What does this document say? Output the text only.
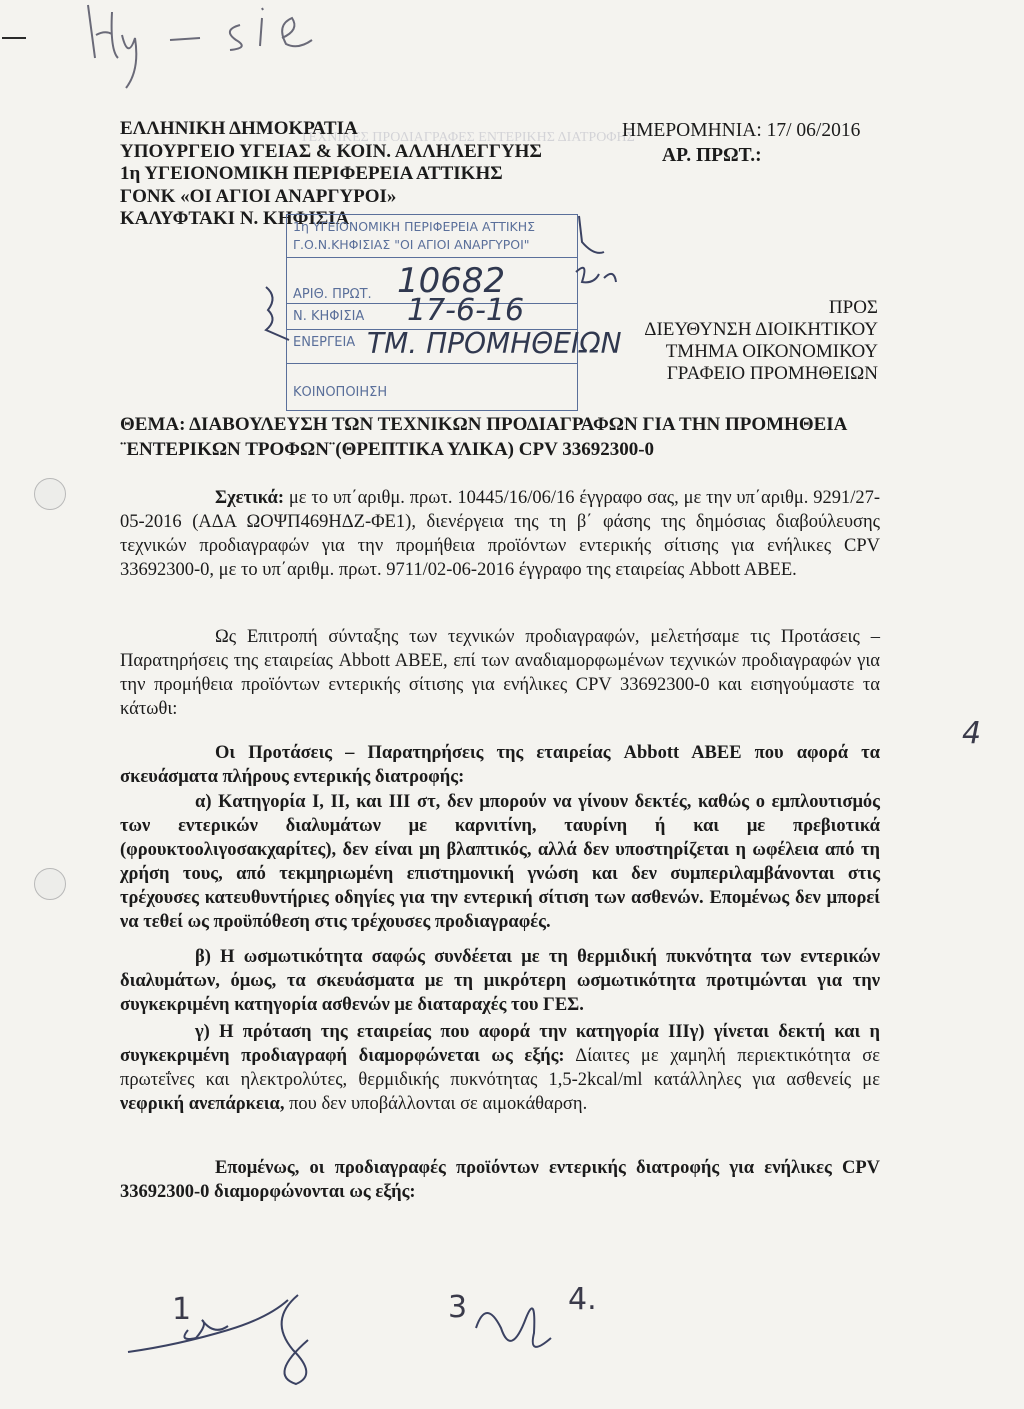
ΤΕΧΝΙΚΕΣ ΠΡΟΔΙΑΓΡΑΦΕΣ ΕΝΤΕΡΙΚΗΣ ΔΙΑΤΡΟΦΗΣ
ΕΛΛΗΝΙΚΗ ΔΗΜΟΚΡΑΤΙΑ
ΥΠΟΥΡΓΕΙΟ ΥΓΕΙΑΣ & ΚΟΙΝ. ΑΛΛΗΛΕΓΓΥΗΣ
1η ΥΓΕΙΟΝΟΜΙΚΗ ΠΕΡΙΦΕΡΕΙΑ ΑΤΤΙΚΗΣ
ΓΟΝΚ «ΟΙ ΑΓΙΟΙ ΑΝΑΡΓΥΡΟΙ»
ΚΑΛΥΦΤΑΚΙ Ν. ΚΗΦΙΣΙΑ
ΗΜΕΡΟΜΗΝΙΑ: 17/ 06/2016
ΑΡ. ΠΡΩΤ.:
1η ΥΓΕΙΟΝΟΜΙΚΗ ΠΕΡΙΦΕΡΕΙΑ ΑΤΤΙΚΗΣ
Γ.Ο.Ν.ΚΗΦΙΣΙΑΣ "ΟΙ ΑΓΙΟΙ ΑΝΑΡΓΥΡΟΙ"
ΑΡΙΘ. ΠΡΩΤ. 10682
Ν. ΚΗΦΙΣΙΑ 17-6-16
ΕΝΕΡΓΕΙΑ ΤΜ. ΠΡΟΜΗΘΕΙΩΝ
ΚΟΙΝΟΠΟΙΗΣΗ
ΠΡΟΣ
ΔΙΕΥΘΥΝΣΗ ΔΙΟΙΚΗΤΙΚΟΥ
ΤΜΗΜΑ ΟΙΚΟΝΟΜΙΚΟΥ
ΓΡΑΦΕΙΟ ΠΡΟΜΗΘΕΙΩΝ
ΘΕΜΑ: ΔΙΑΒΟΥΛΕΥΣΗ ΤΩΝ ΤΕΧΝΙΚΩΝ ΠΡΟΔΙΑΓΡΑΦΩΝ ΓΙΑ ΤΗΝ ΠΡΟΜΗΘΕΙΑ ¨ΕΝΤΕΡΙΚΩΝ ΤΡΟΦΩΝ¨(ΘΡΕΠΤΙΚΑ ΥΛΙΚΑ) CPV 33692300-0
Σχετικά: με το υπ΄αριθμ. πρωτ. 10445/16/06/16 έγγραφο σας, με την υπ΄αριθμ. 9291/27-05-2016 (ΑΔΑ ΩΟΨΠ469ΗΔΖ-ΦΕ1), διενέργεια της τη β΄ φάσης της δημόσιας διαβούλευσης τεχνικών προδιαγραφών για την προμήθεια προϊόντων εντερικής σίτισης για ενήλικες CPV 33692300-0, με το υπ΄αριθμ. πρωτ. 9711/02-06-2016 έγγραφο της εταιρείας Abbott ABEE.
Ως Επιτροπή σύνταξης των τεχνικών προδιαγραφών, μελετήσαμε τις Προτάσεις – Παρατηρήσεις της εταιρείας Abbott ABEE, επί των αναδιαμορφωμένων τεχνικών προδιαγραφών για την προμήθεια προϊόντων εντερικής σίτισης για ενήλικες CPV 33692300-0 και εισηγούμαστε τα κάτωθι:
Οι Προτάσεις – Παρατηρήσεις της εταιρείας Abbott ABEE που αφορά τα σκευάσματα πλήρους εντερικής διατροφής:
α) Κατηγορία Ι, ΙΙ, και ΙΙΙ στ, δεν μπορούν να γίνουν δεκτές, καθώς ο εμπλουτισμός των εντερικών διαλυμάτων με καρνιτίνη, ταυρίνη ή και με πρεβιοτικά (φρουκτοολιγοσακχαρίτες), δεν είναι μη βλαπτικός, αλλά δεν υποστηρίζεται η ωφέλεια από τη χρήση τους, από τεκμηριωμένη επιστημονική γνώση και δεν συμπεριλαμβάνονται στις τρέχουσες κατευθυντήριες οδηγίες για την εντερική σίτιση των ασθενών. Επομένως δεν μπορεί να τεθεί ως προϋπόθεση στις τρέχουσες προδιαγραφές.
β) Η ωσμωτικότητα σαφώς συνδέεται με τη θερμιδική πυκνότητα των εντερικών διαλυμάτων, όμως, τα σκευάσματα με τη μικρότερη ωσμωτικότητα προτιμώνται για την συγκεκριμένη κατηγορία ασθενών με διαταραχές του ΓΕΣ.
γ) Η πρόταση της εταιρείας που αφορά την κατηγορία ΙΙΙγ) γίνεται δεκτή και η συγκεκριμένη προδιαγραφή διαμορφώνεται ως εξής: Δίαιτες με χαμηλή περιεκτικότητα σε πρωτεΐνες και ηλεκτρολύτες, θερμιδικής πυκνότητας 1,5-2kcal/ml κατάλληλες για ασθενείς με νεφρική ανεπάρκεια, που δεν υποβάλλονται σε αιμοκάθαρση.
Επομένως, οι προδιαγραφές προϊόντων εντερικής διατροφής για ενήλικες CPV 33692300-0 διαμορφώνονται ως εξής:
4
1	3	4.
